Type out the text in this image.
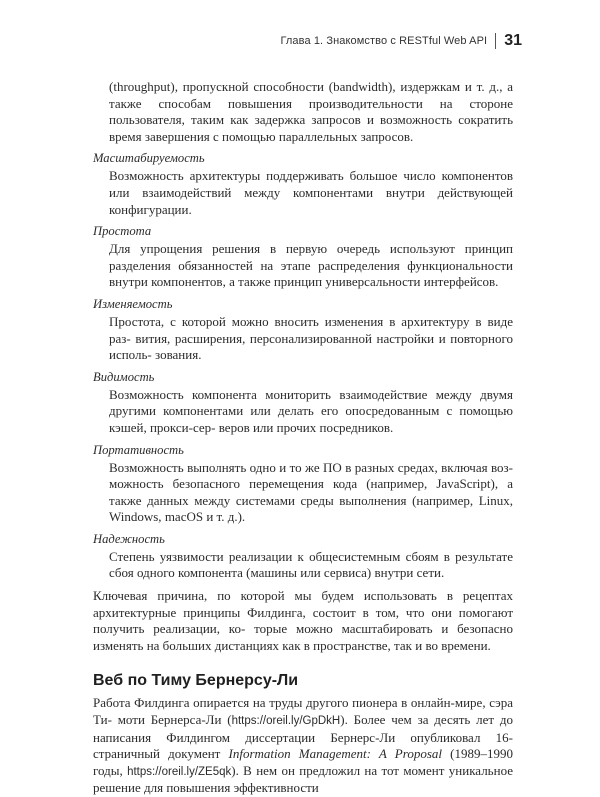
Глава 1. Знакомство с RESTful Web API	31

(throughput), пропускной способности (bandwidth), издержкам и т. д., а также способам повышения производительности на стороне пользователя, таким как задержка запросов и возможность сократить время завершения с помощью параллельных запросов.

Масштабируемость

Возможность архитектуры поддерживать большое число компонентов или взаимодействий между компонентами внутри действующей конфигурации.

Простота

Для упрощения решения в первую очередь используют принцип разделения обязанностей на этапе распределения функциональности внутри компонентов, а также принцип универсальности интерфейсов.

Изменяемость

Простота, с которой можно вносить изменения в архитектуру в виде раз- вития, расширения, персонализированной настройки и повторного исполь- зования.

Видимость

Возможность компонента мониторить взаимодействие между двумя другими компонентами или делать его опосредованным с помощью кэшей, прокси-сер- веров или прочих посредников.

Портативность

Возможность выполнять одно и то же ПО в разных средах, включая воз- можность безопасного перемещения кода (например, JavaScript), а также данных между системами среды выполнения (например, Linux, Windows, macOS и т. д.).

Надежность

Степень уязвимости реализации к общесистемным сбоям в результате сбоя одного компонента (машины или сервиса) внутри сети.

Ключевая причина, по которой мы будем использовать в рецептах архитектурные принципы Филдинга, состоит в том, что они помогают получить реализации, ко- торые можно масштабировать и безопасно изменять на больших дистанциях как в пространстве, так и во времени.

Веб по Тиму Бернерсу-Ли

Работа Филдинга опирается на труды другого пионера в онлайн-мире, сэра Ти- моти Бернерса-Ли (https://oreil.ly/GpDkH). Более чем за десять лет до написания Филдингом диссертации Бернерс-Ли опубликовал 16-страничный документ Information Management: A Proposal (1989–1990 годы, https://oreil.ly/ZE5qk). В нем он предложил на тот момент уникальное решение для повышения эффективности
